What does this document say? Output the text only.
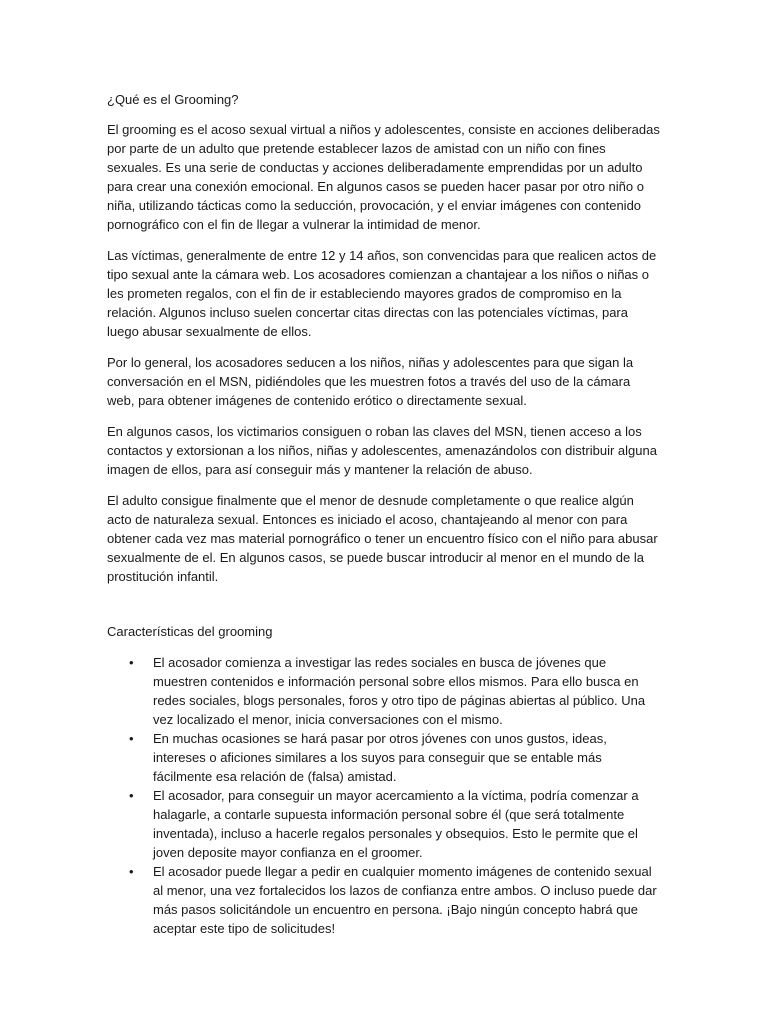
¿Qué es el Grooming?

El grooming es el acoso sexual virtual a niños y adolescentes, consiste en acciones deliberadas por parte de un adulto que pretende establecer lazos de amistad con un niño con fines sexuales. Es una serie de conductas y acciones deliberadamente emprendidas por un adulto para crear una conexión emocional. En algunos casos se pueden hacer pasar por otro niño o niña, utilizando tácticas como la seducción, provocación, y el enviar imágenes con contenido pornográfico con el fin de llegar a vulnerar la intimidad de menor.

Las víctimas, generalmente de entre 12 y 14 años, son convencidas para que realicen actos de tipo sexual ante la cámara web. Los acosadores comienzan a chantajear a los niños o niñas o les prometen regalos, con el fin de ir estableciendo mayores grados de compromiso en la relación. Algunos incluso suelen concertar citas directas con las potenciales víctimas, para luego abusar sexualmente de ellos.

Por lo general, los acosadores seducen a los niños, niñas y adolescentes para que sigan la conversación en el MSN, pidiéndoles que les muestren fotos a través del uso de la cámara web, para obtener imágenes de contenido erótico o directamente sexual.

En algunos casos, los victimarios consiguen o roban las claves del MSN, tienen acceso a los contactos y extorsionan a los niños, niñas y adolescentes, amenazándolos con distribuir alguna imagen de ellos, para así conseguir más y mantener la relación de abuso.

El adulto consigue finalmente que el menor de desnude completamente o que realice algún acto de naturaleza sexual. Entonces es iniciado el acoso, chantajeando al menor con para obtener cada vez mas material pornográfico o tener un encuentro físico con el niño para abusar sexualmente de el. En algunos casos, se puede buscar introducir al menor en el mundo de la prostitución infantil.

Características del grooming
• El acosador comienza a investigar las redes sociales en busca de jóvenes que muestren contenidos e información personal sobre ellos mismos. Para ello busca en redes sociales, blogs personales, foros y otro tipo de páginas abiertas al público. Una vez localizado el menor, inicia conversaciones con el mismo.
• En muchas ocasiones se hará pasar por otros jóvenes con unos gustos, ideas, intereses o aficiones similares a los suyos para conseguir que se entable más fácilmente esa relación de (falsa) amistad.
• El acosador, para conseguir un mayor acercamiento a la víctima, podría comenzar a halagarle, a contarle supuesta información personal sobre él (que será totalmente inventada), incluso a hacerle regalos personales y obsequios. Esto le permite que el joven deposite mayor confianza en el groomer.
• El acosador puede llegar a pedir en cualquier momento imágenes de contenido sexual al menor, una vez fortalecidos los lazos de confianza entre ambos. O incluso puede dar más pasos solicitándole un encuentro en persona. ¡Bajo ningún concepto habrá que aceptar este tipo de solicitudes!
